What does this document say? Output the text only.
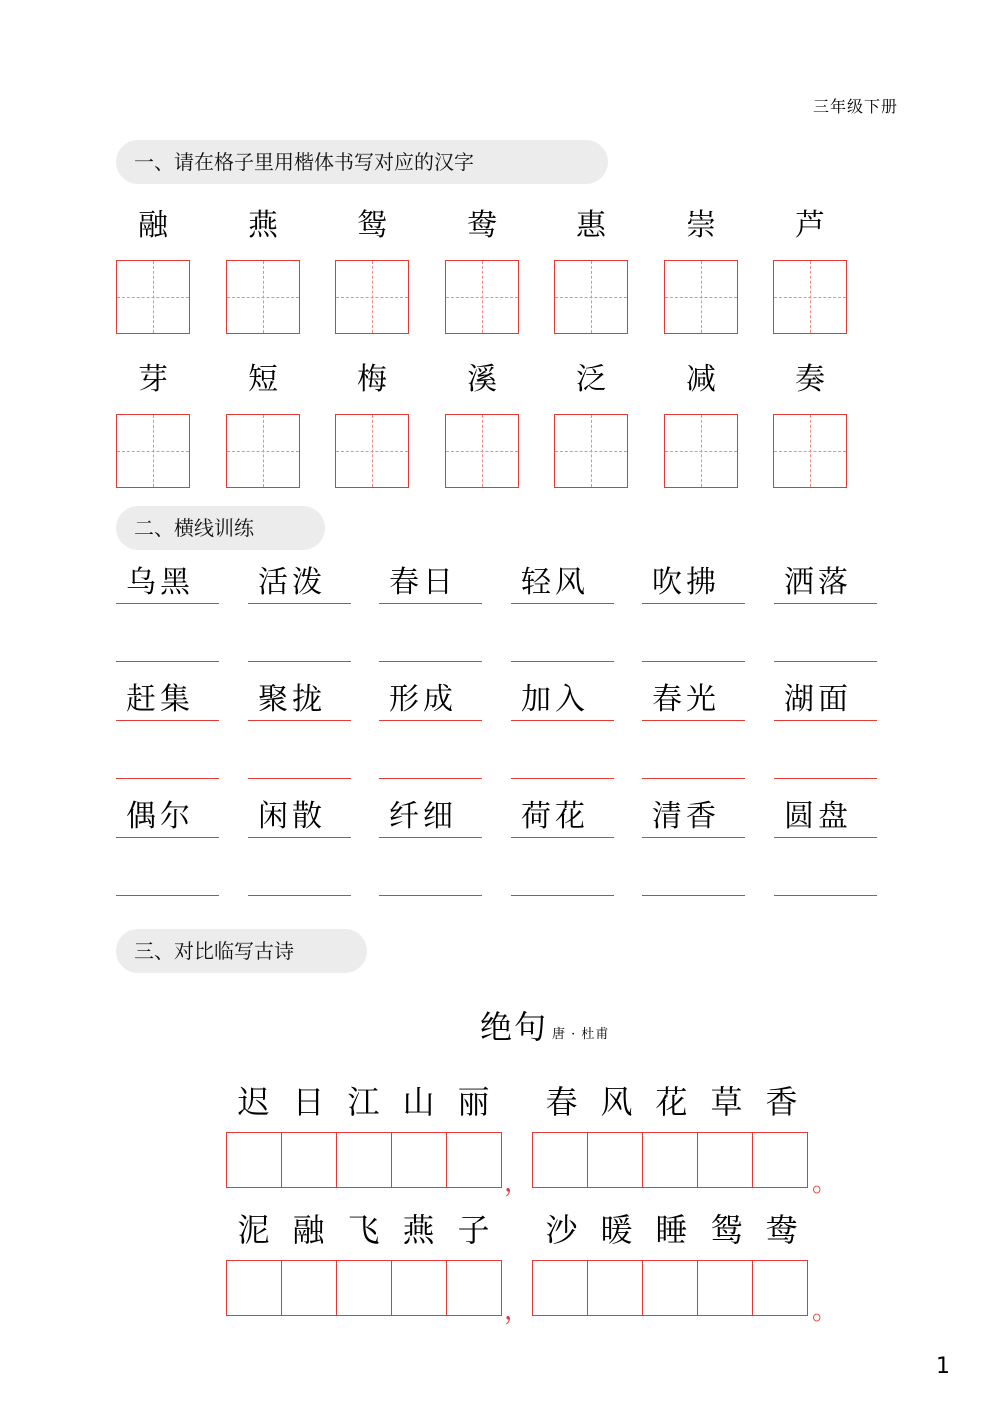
三年级下册
一、请在格子里用楷体书写对应的汉字
融	燕	鸳	鸯	惠	崇	芦
芽	短	梅	溪	泛	减	奏
二、横线训练
乌黑	活泼	春日	轻风	吹拂	洒落
赶集	聚拢	形成	加入	春光	湖面
偶尔	闲散	纤细	荷花	清香	圆盘
三、对比临写古诗
绝句 唐 · 杜甫
迟 日 江 山 丽	春 风 花 草 香
，	。
泥 融 飞 燕 子	沙 暖 睡 鸳 鸯
，	。
1
